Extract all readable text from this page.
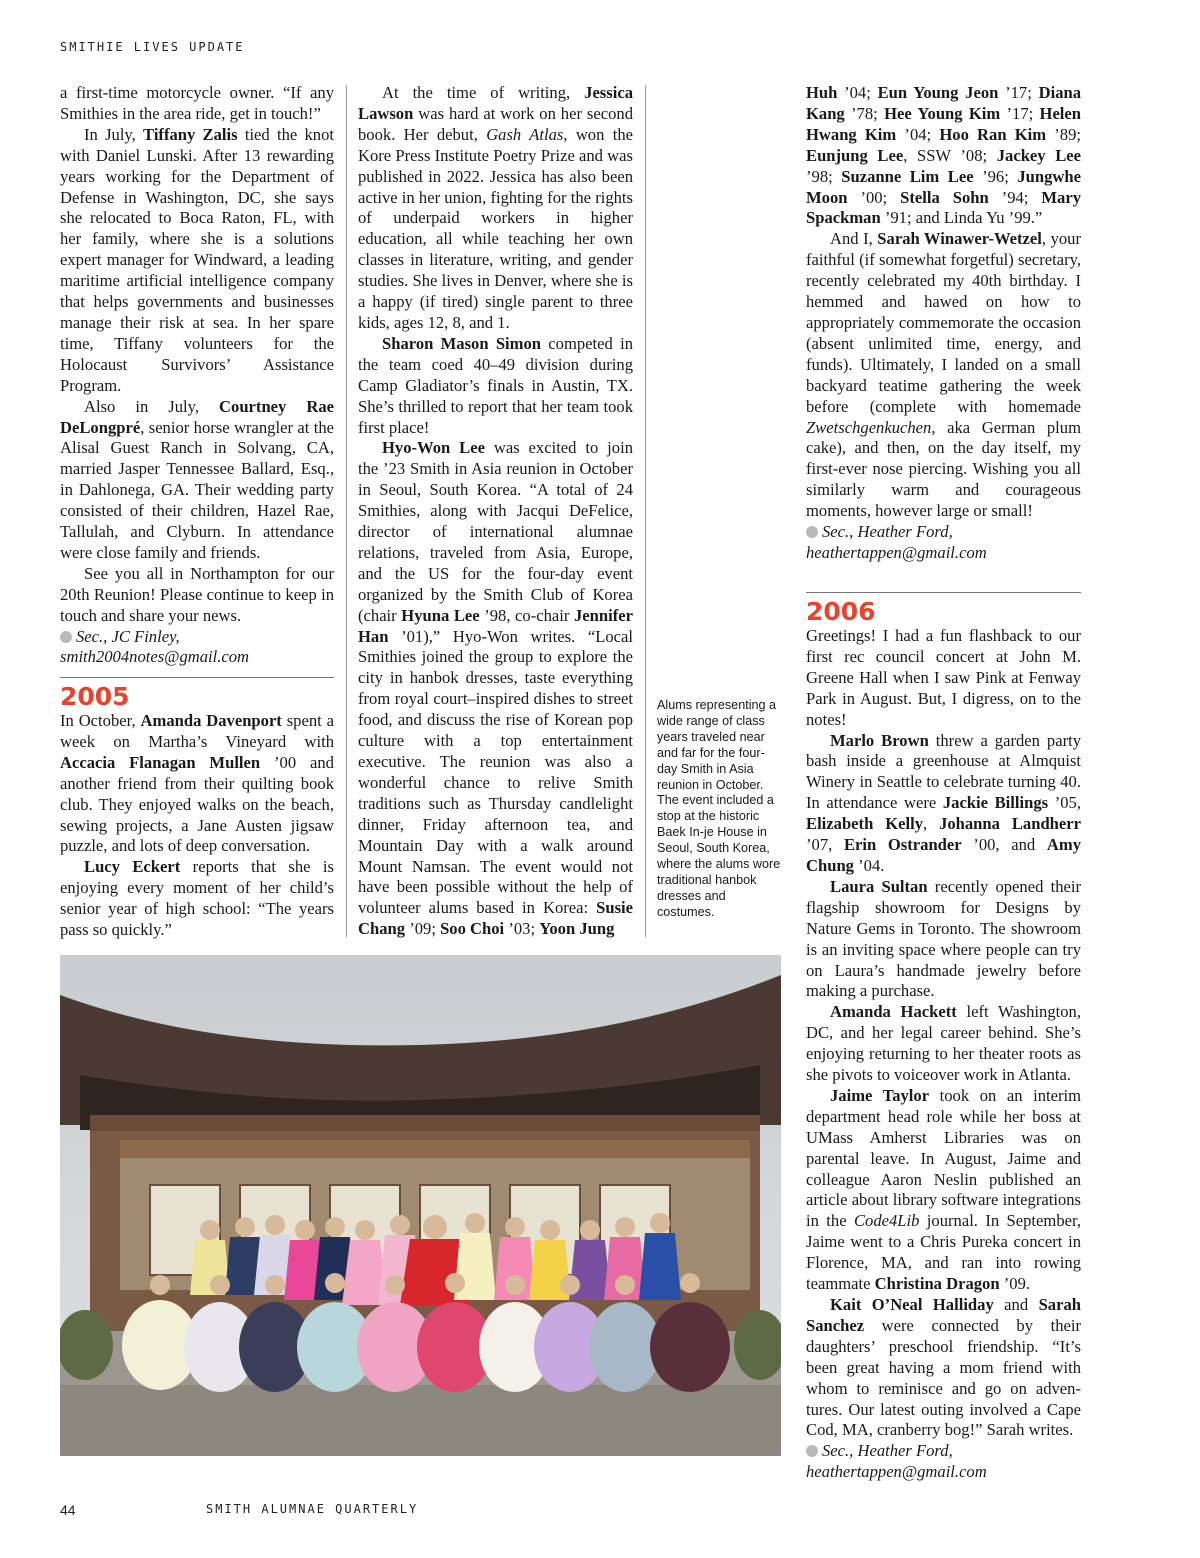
SMITHIE LIVES UPDATE

a first-time motorcycle owner. “If any Smithies in the area ride, get in touch!”

In July, Tiffany Zalis tied the knot with Daniel Lunski. After 13 rewarding years working for the Department of Defense in Washington, DC, she says she relocated to Boca Raton, FL, with her family, where she is a solutions expert manager for Windward, a leading maritime artificial intelligence company that helps governments and businesses manage their risk at sea. In her spare time, Tiffany volunteers for the Holocaust Survivors’ Assistance Program.

Also in July, Courtney Rae DeLongpré, senior horse wrangler at the Alisal Guest Ranch in Solvang, CA, married Jasper Tennessee Ballard, Esq., in Dahlonega, GA. Their wedding party consisted of their children, Hazel Rae, Tallulah, and Clyburn. In attendance were close family and friends.

See you all in Northampton for our 20th Reunion! Please continue to keep in touch and share your news.

Sec., JC Finley,
smith2004notes@gmail.com

2005

In October, Amanda Davenport spent a week on Martha’s Vineyard with Accacia Flanagan Mullen ’00 and another friend from their quilting book club. They enjoyed walks on the beach, sewing projects, a Jane Austen jigsaw puzzle, and lots of deep conversation.

Lucy Eckert reports that she is enjoying every moment of her child’s senior year of high school: “The years pass so quickly.”

At the time of writing, Jessica Lawson was hard at work on her second book. Her debut, Gash Atlas, won the Kore Press Institute Poetry Prize and was published in 2022. Jessica has also been active in her union, fighting for the rights of underpaid workers in higher education, all while teaching her own classes in literature, writing, and gender studies. She lives in Denver, where she is a happy (if tired) single parent to three kids, ages 12, 8, and 1.

Sharon Mason Simon competed in the team coed 40–49 division during Camp Gladiator’s finals in Austin, TX. She’s thrilled to report that her team took first place!

Hyo-Won Lee was excited to join the ’23 Smith in Asia reunion in October in Seoul, South Korea. “A total of 24 Smithies, along with Jacqui DeFelice, director of international alumnae relations, traveled from Asia, Europe, and the US for the four-day event organized by the Smith Club of Korea (chair Hyuna Lee ’98, co-chair Jennifer Han ’01),” Hyo-Won writes. “Local Smithies joined the group to explore the city in hanbok dresses, taste everything from royal court–inspired dishes to street food, and discuss the rise of Korean pop culture with a top entertainment executive. The reunion was also a wonderful chance to relive Smith traditions such as Thursday candlelight dinner, Friday afternoon tea, and Mountain Day with a walk around Mount Namsan. The event would not have been possible without the help of volunteer alums based in Korea: Susie Chang ’09; Soo Choi ’03; Yoon Jung

Alums representing a wide range of class years traveled near and far for the four-day Smith in Asia reunion in October. The event included a stop at the historic Baek In-je House in Seoul, South Korea, where the alums wore traditional hanbok dresses and costumes.

Huh ’04; Eun Young Jeon ’17; Diana Kang ’78; Hee Young Kim ’17; Helen Hwang Kim ’04; Hoo Ran Kim ’89; Eunjung Lee, SSW ’08; Jackey Lee ’98; Suzanne Lim Lee ’96; Jungwhe Moon ’00; Stella Sohn ’94; Mary Spackman ’91; and Linda Yu ’99.”

And I, Sarah Winawer-Wetzel, your faithful (if somewhat forgetful) secretary, recently celebrated my 40th birthday. I hemmed and hawed on how to appropriately commemorate the occasion (absent unlimited time, energy, and funds). Ultimately, I landed on a small backyard teatime gathering the week before (complete with homemade Zwetschgenkuchen, aka German plum cake), and then, on the day itself, my first-ever nose piercing. Wishing you all similarly warm and courageous moments, however large or small!

Sec., Heather Ford,
heathertappen@gmail.com

2006

Greetings! I had a fun flashback to our first rec council concert at John M. Greene Hall when I saw Pink at Fenway Park in August. But, I digress, on to the notes!

Marlo Brown threw a garden party bash inside a greenhouse at Almquist Winery in Seattle to celebrate turning 40. In attendance were Jackie Billings ’05, Elizabeth Kelly, Johanna Landherr ’07, Erin Ostrander ’00, and Amy Chung ’04.

Laura Sultan recently opened their flagship showroom for Designs by Nature Gems in Toronto. The showroom is an inviting space where people can try on Laura’s handmade jewelry before making a purchase.

Amanda Hackett left Washington, DC, and her legal career behind. She’s enjoying returning to her theater roots as she pivots to voiceover work in Atlanta.

Jaime Taylor took on an interim department head role while her boss at UMass Amherst Libraries was on parental leave. In August, Jaime and colleague Aaron Neslin published an article about library software integrations in the Code4Lib journal. In September, Jaime went to a Chris Pureka concert in Florence, MA, and ran into rowing teammate Christina Dragon ’09.

Kait O’Neal Halliday and Sarah Sanchez were connected by their daughters’ preschool friendship. “It’s been great having a mom friend with whom to reminisce and go on adventures. Our latest outing involved a Cape Cod, MA, cranberry bog!” Sarah writes.

Sec., Heather Ford,
heathertappen@gmail.com

44	SMITH ALUMNAE QUARTERLY
